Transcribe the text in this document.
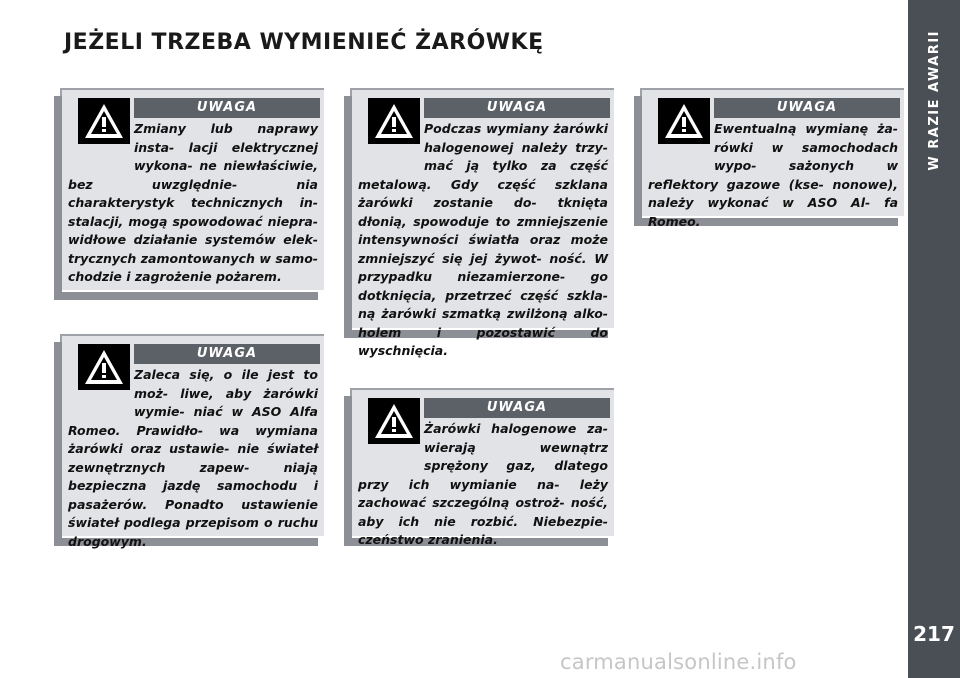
JEŻELI TRZEBA WYMIENIEĆ ŻARÓWKĘ	W RAZIE AWARII
217
UWAGA
Zmiany lub naprawy insta- lacji elektrycznej wykona- ne niewłaściwie, bez uwzględnie- nia charakterystyk technicznych in- stalacji, mogą spowodować niepra- widłowe działanie systemów elek- trycznych zamontowanych w samo- chodzie i zagrożenie pożarem.
UWAGA
Podczas wymiany żarówki halogenowej należy trzy- mać ją tylko za część metalową. Gdy część szklana żarówki zostanie do- tknięta dłonią, spowoduje to zmniejszenie intensywności światła oraz może zmniejszyć się jej żywot- ność. W przypadku niezamierzone- go dotknięcia, przetrzeć część szkla- ną żarówki szmatką zwilżoną alko- holem i pozostawić do wyschnięcia.
UWAGA
Ewentualną wymianę ża- rówki w samochodach wypo- sażonych w reflektory gazowe (kse- nonowe), należy wykonać w ASO Al- fa Romeo.
UWAGA
Zaleca się, o ile jest to moż- liwe, aby żarówki wymie- niać w ASO Alfa Romeo. Prawidło- wa wymiana żarówki oraz ustawie- nie świateł zewnętrznych zapew- niają bezpieczna jazdę samochodu i pasażerów. Ponadto ustawienie świateł podlega przepisom o ruchu drogowym.
UWAGA
Żarówki halogenowe za- wierają wewnątrz sprężony gaz, dlatego przy ich wymianie na- leży zachować szczególną ostroż- ność, aby ich nie rozbić. Niebezpie- czeństwo zranienia.
carmanualsonline.info
